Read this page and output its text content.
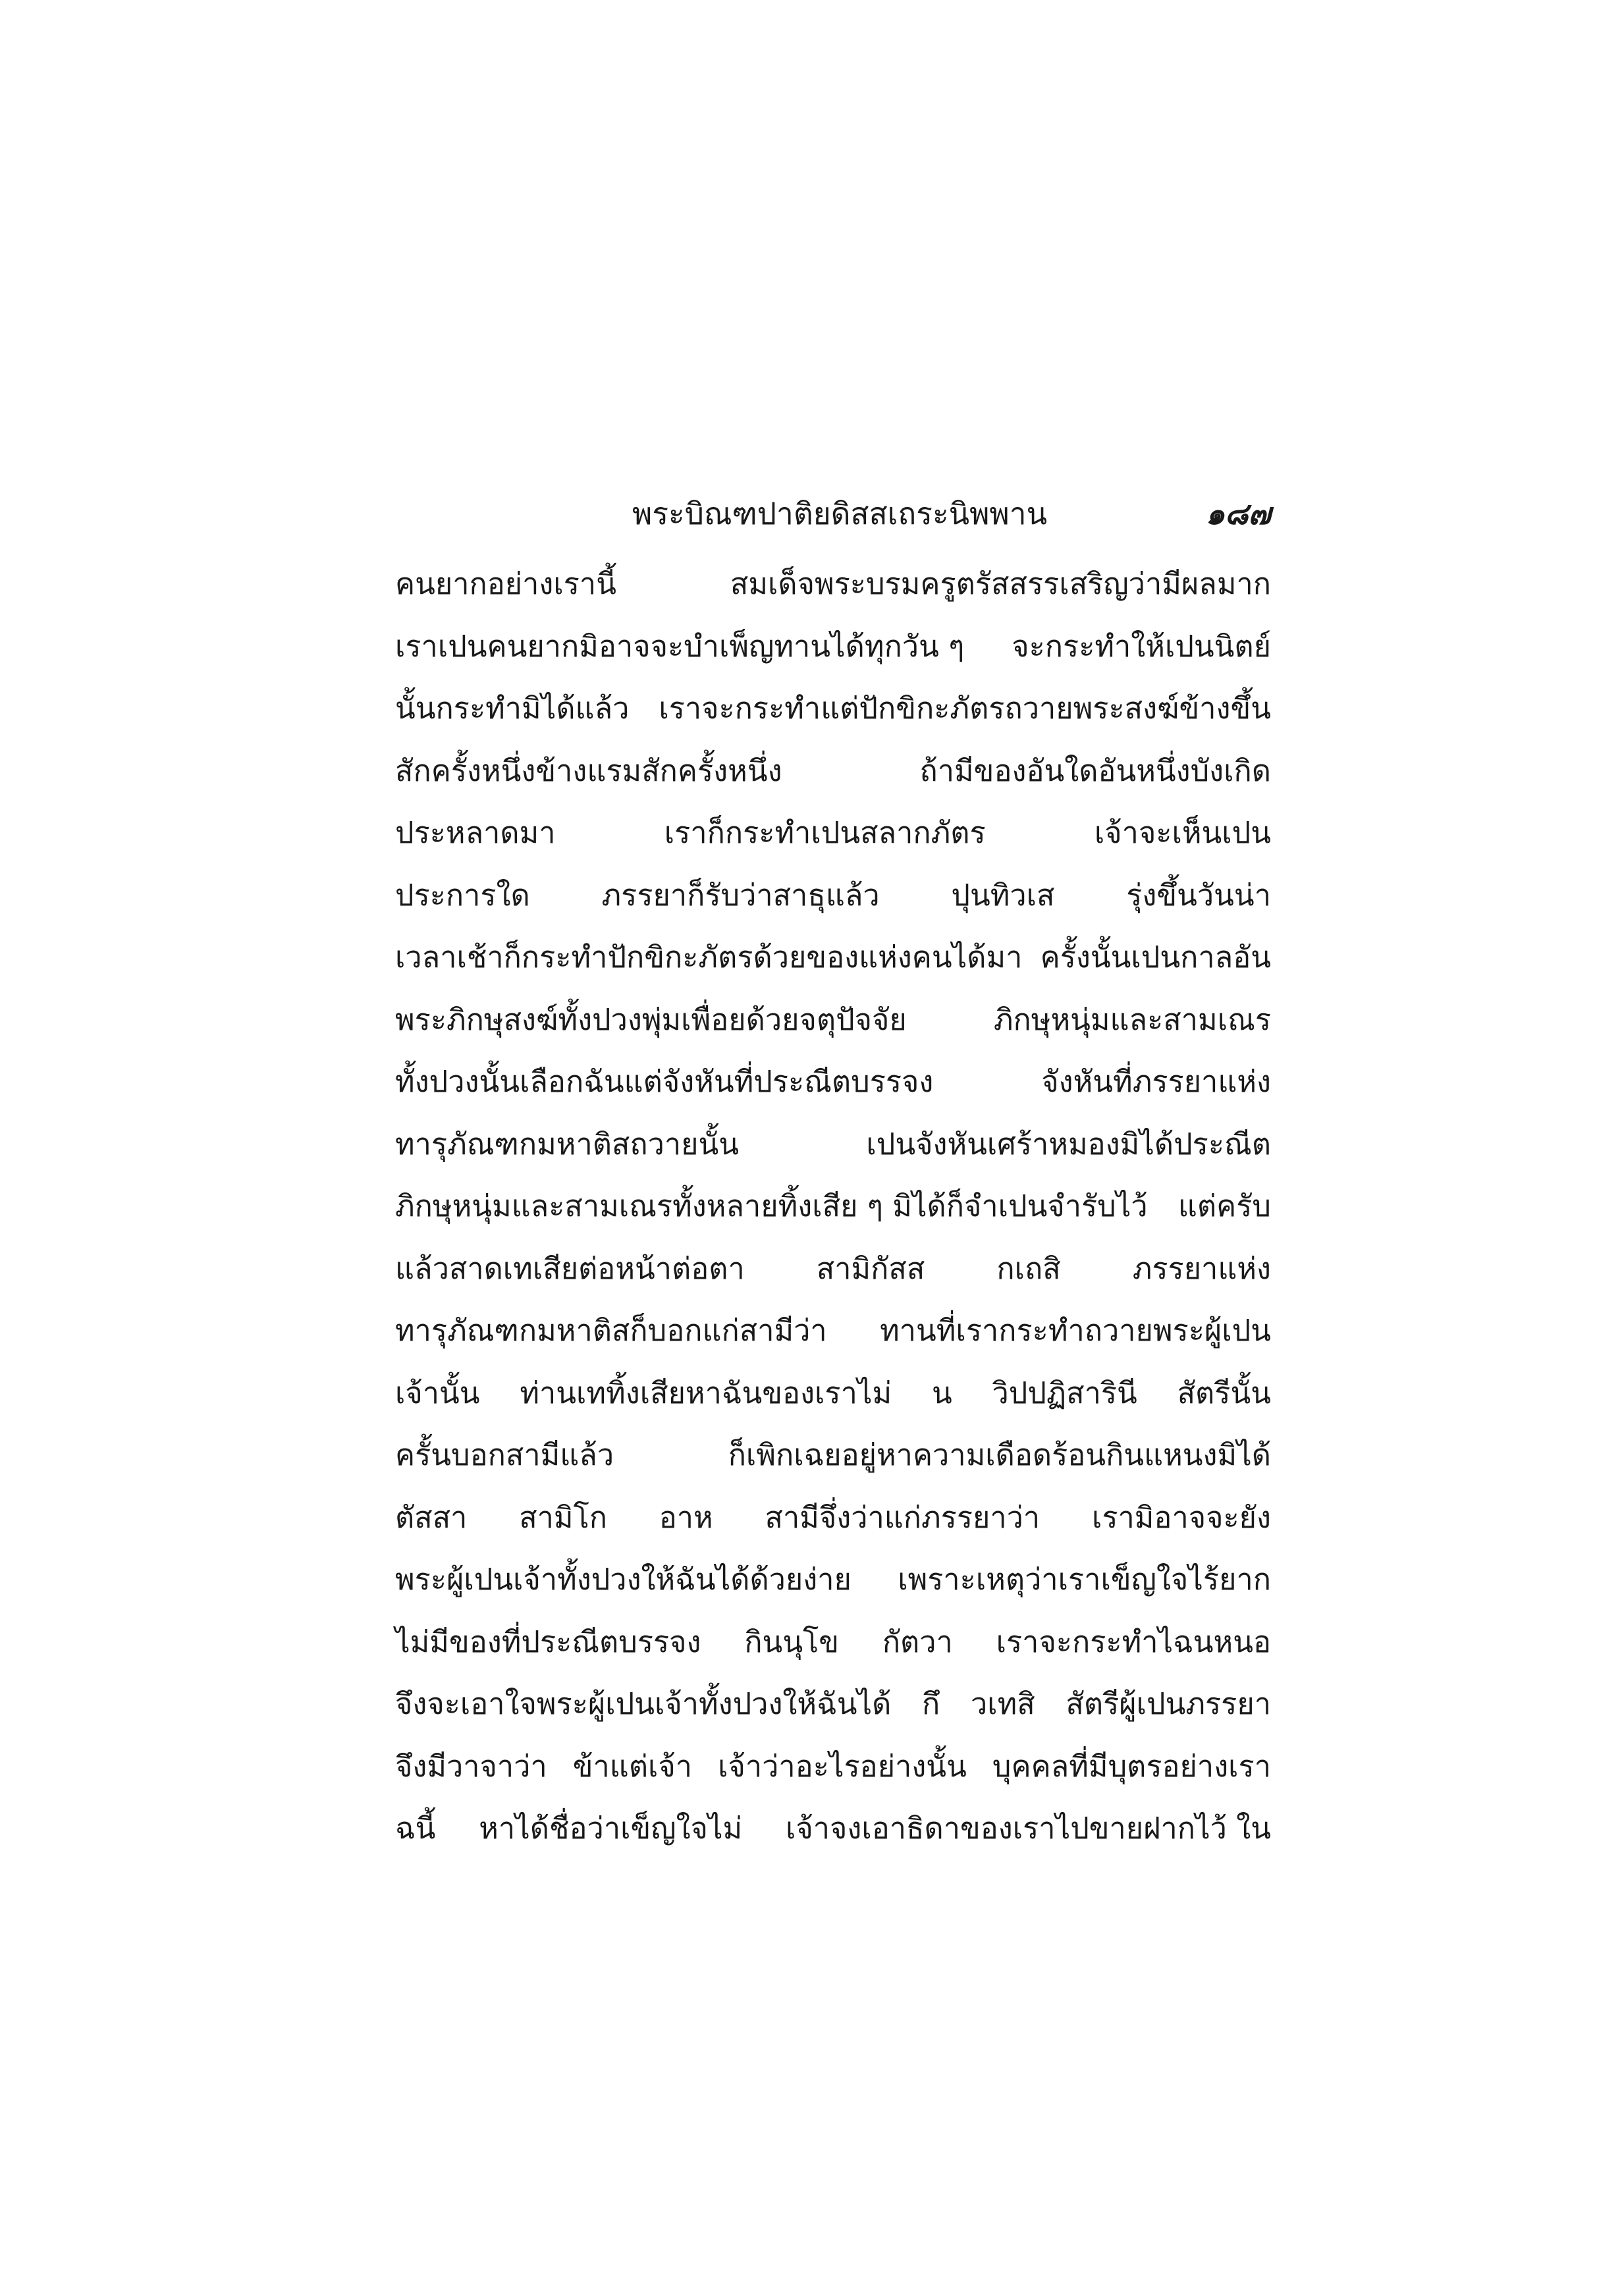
พระบิณฑปาติยดิสสเถระนิพพาน	๑๘๗
คนยากอย่างเรานี้	สมเด็จพระบรมครูตรัสสรรเสริญว่ามีผลมาก
เราเปนคนยากมิอาจจะบำเพ็ญทานได้ทุกวัน ๆ จะกระทำให้เปนนิตย์
นั้นกระทำมิได้แล้ว เราจะกระทำแต่ปักขิกะภัตรถวายพระสงฆ์ข้างขึ้น
สักครั้งหนึ่งข้างแรมสักครั้งหนึ่ง	ถ้ามีของอันใดอันหนึ่งบังเกิด
ประหลาดมา	เราก็กระทำเปนสลากภัตร	เจ้าจะเห็นเปน
ประการใด ภรรยาก็รับว่าสาธุแล้ว ปุนทิวเส รุ่งขึ้นวันน่า
เวลาเช้าก็กระทำปักขิกะภัตรด้วยของแห่งคนได้มา ครั้งนั้นเปนกาลอัน
พระภิกษุสงฆ์ทั้งปวงพุ่มเพื่อยด้วยจตุปัจจัย	ภิกษุหนุ่มและสามเณร
ทั้งปวงนั้นเลือกฉันแต่จังหันที่ประณีตบรรจง	จังหันที่ภรรยาแห่ง
ทารุภัณฑกมหาติสถวายนั้น	เปนจังหันเศร้าหมองมิได้ประณีต
ภิกษุหนุ่มและสามเณรทั้งหลายทิ้งเสีย ๆ มิได้ก็จำเปนจำรับไว้ แต่ครับ
แล้วสาดเทเสียต่อหน้าต่อตา สามิกัสส กเถสิ ภรรยาแห่ง
ทารุภัณฑกมหาติสก็บอกแก่สามีว่า ทานที่เรากระทำถวายพระผู้เปน
เจ้านั้น ท่านเททิ้งเสียหาฉันของเราไม่ น วิปปฏิสารินี สัตรีนั้น
ครั้นบอกสามีแล้ว	ก็เพิกเฉยอยู่หาความเดือดร้อนกินแหนงมิได้
ตัสสา สามิโก อาห สามีจึ่งว่าแก่ภรรยาว่า เรามิอาจจะยัง
พระผู้เปนเจ้าทั้งปวงให้ฉันได้ด้วยง่าย เพราะเหตุว่าเราเข็ญใจไร้ยาก
ไม่มีของที่ประณีตบรรจง กินนุโข กัตวา เราจะกระทำไฉนหนอ
จึงจะเอาใจพระผู้เปนเจ้าทั้งปวงให้ฉันได้ กึ วเทสิ สัตรีผู้เปนภรรยา
จึงมีวาจาว่า ข้าแต่เจ้า เจ้าว่าอะไรอย่างนั้น บุคคลที่มีบุตรอย่างเรา
ฉนี้ หาได้ชื่อว่าเข็ญใจไม่ เจ้าจงเอาธิดาของเราไปขายฝากไว้ ใน
